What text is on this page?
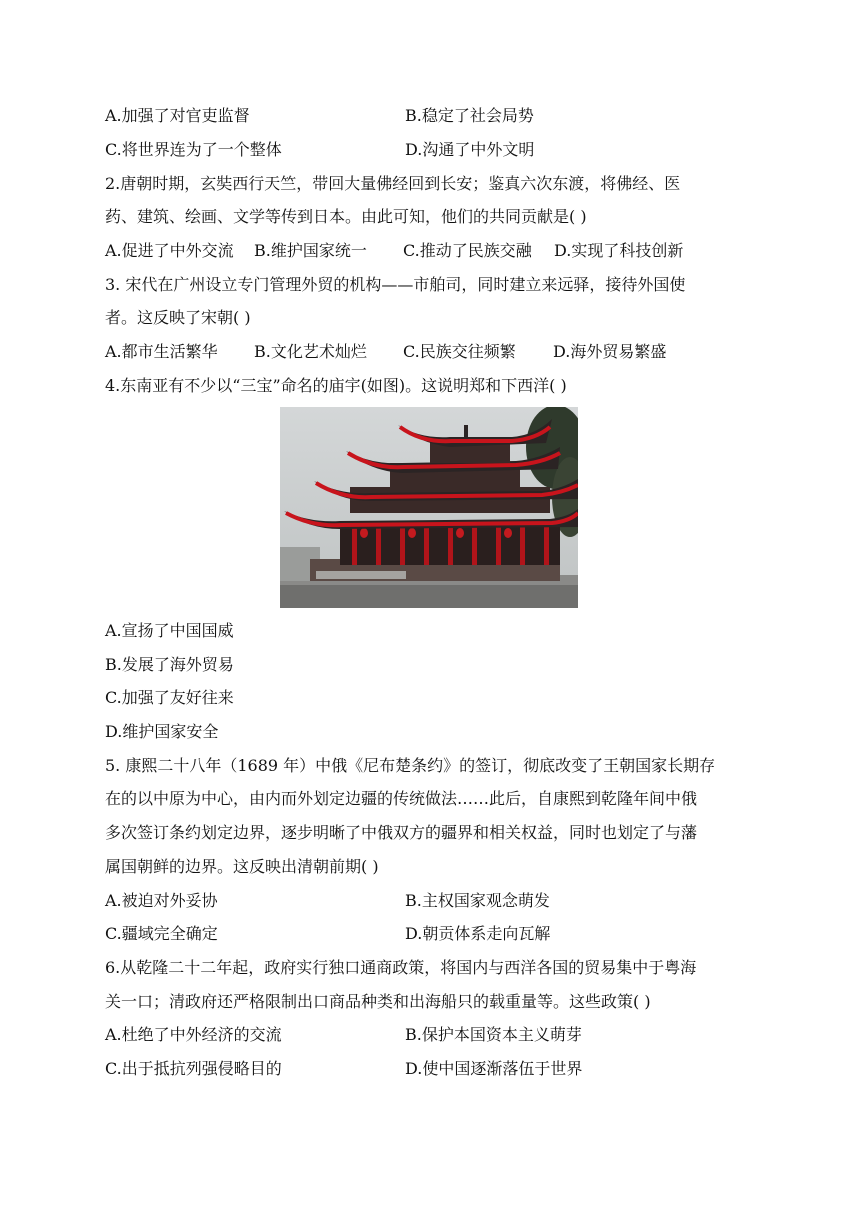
A.加强了对官吏监督	B.稳定了社会局势
C.将世界连为了一个整体	D.沟通了中外文明
2.唐朝时期，玄奘西行天竺，带回大量佛经回到长安；鉴真六次东渡，将佛经、医
药、建筑、绘画、文学等传到日本。由此可知，他们的共同贡献是( )
A.促进了中外交流 B.维护国家统一 C.推动了民族交融 D.实现了科技创新
3. 宋代在广州设立专门管理外贸的机构——市舶司，同时建立来远驿，接待外国使
者。这反映了宋朝( )
A.都市生活繁华 B.文化艺术灿烂 C.民族交往频繁 D.海外贸易繁盛
4.东南亚有不少以“三宝”命名的庙宇(如图)。这说明郑和下西洋( )
A.宣扬了中国国威
B.发展了海外贸易
C.加强了友好往来
D.维护国家安全
5. 康熙二十八年（1689 年）中俄《尼布楚条约》的签订，彻底改变了王朝国家长期存
在的以中原为中心，由内而外划定边疆的传统做法……此后，自康熙到乾隆年间中俄
多次签订条约划定边界，逐步明晰了中俄双方的疆界和相关权益，同时也划定了与藩
属国朝鲜的边界。这反映出清朝前期( )
A.被迫对外妥协	B.主权国家观念萌发
C.疆域完全确定	D.朝贡体系走向瓦解
6.从乾隆二十二年起，政府实行独口通商政策，将国内与西洋各国的贸易集中于粤海
关一口；清政府还严格限制出口商品种类和出海船只的载重量等。这些政策( )
A.杜绝了中外经济的交流	B.保护本国资本主义萌芽
C.出于抵抗列强侵略目的	D.使中国逐渐落伍于世界
